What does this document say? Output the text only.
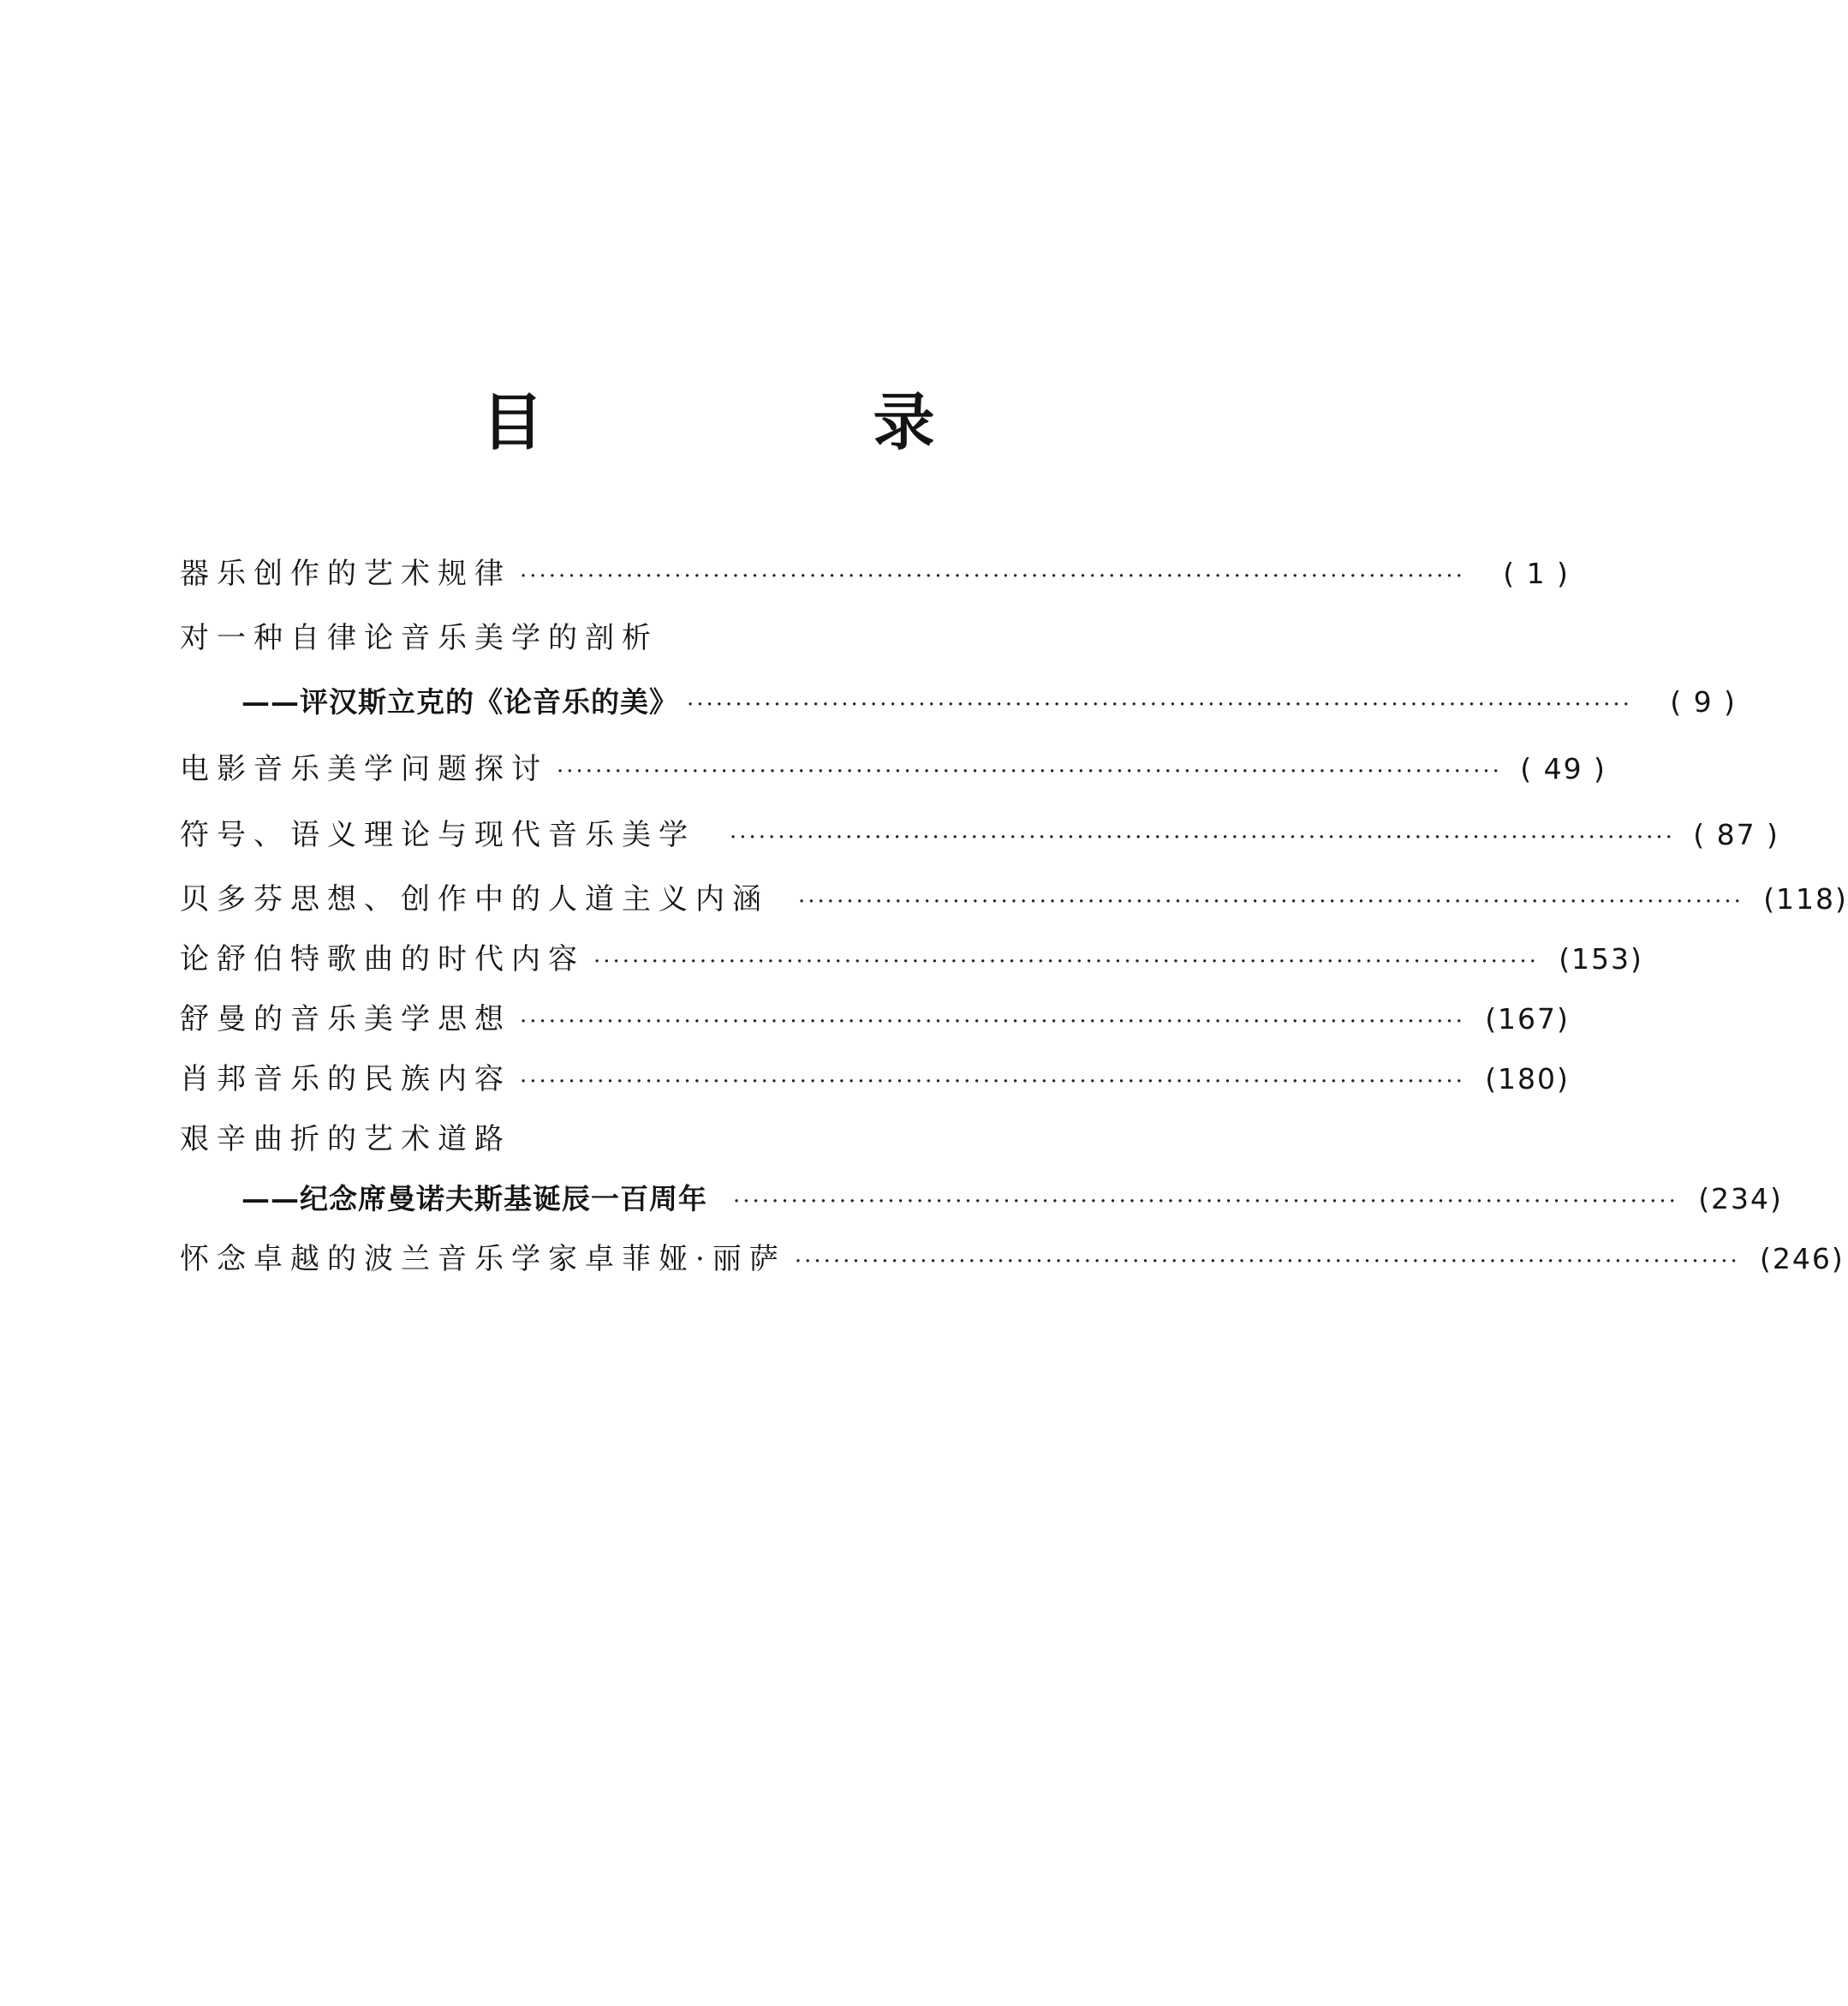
目 录
器乐创作的艺术规律 ··································································································	( 1 )
对一种自律论音乐美学的剖析
——评汉斯立克的《论音乐的美》 ··································································································	( 9 )
电影音乐美学问题探讨 ·································································································· ( 49 )
符号、语义理论与现代音乐美学 ·································································································· ( 87 )
贝多芬思想、创作中的人道主义内涵 ·································································································· (118)
论舒伯特歌曲的时代内容 ·································································································· (153)
舒曼的音乐美学思想 ·································································································· (167)
肖邦音乐的民族内容 ·································································································· (180)
艰辛曲折的艺术道路
——纪念席曼诺夫斯基诞辰一百周年 ·································································································· (234)
怀念卓越的波兰音乐学家卓菲娅·丽萨 ·································································································· (246)
